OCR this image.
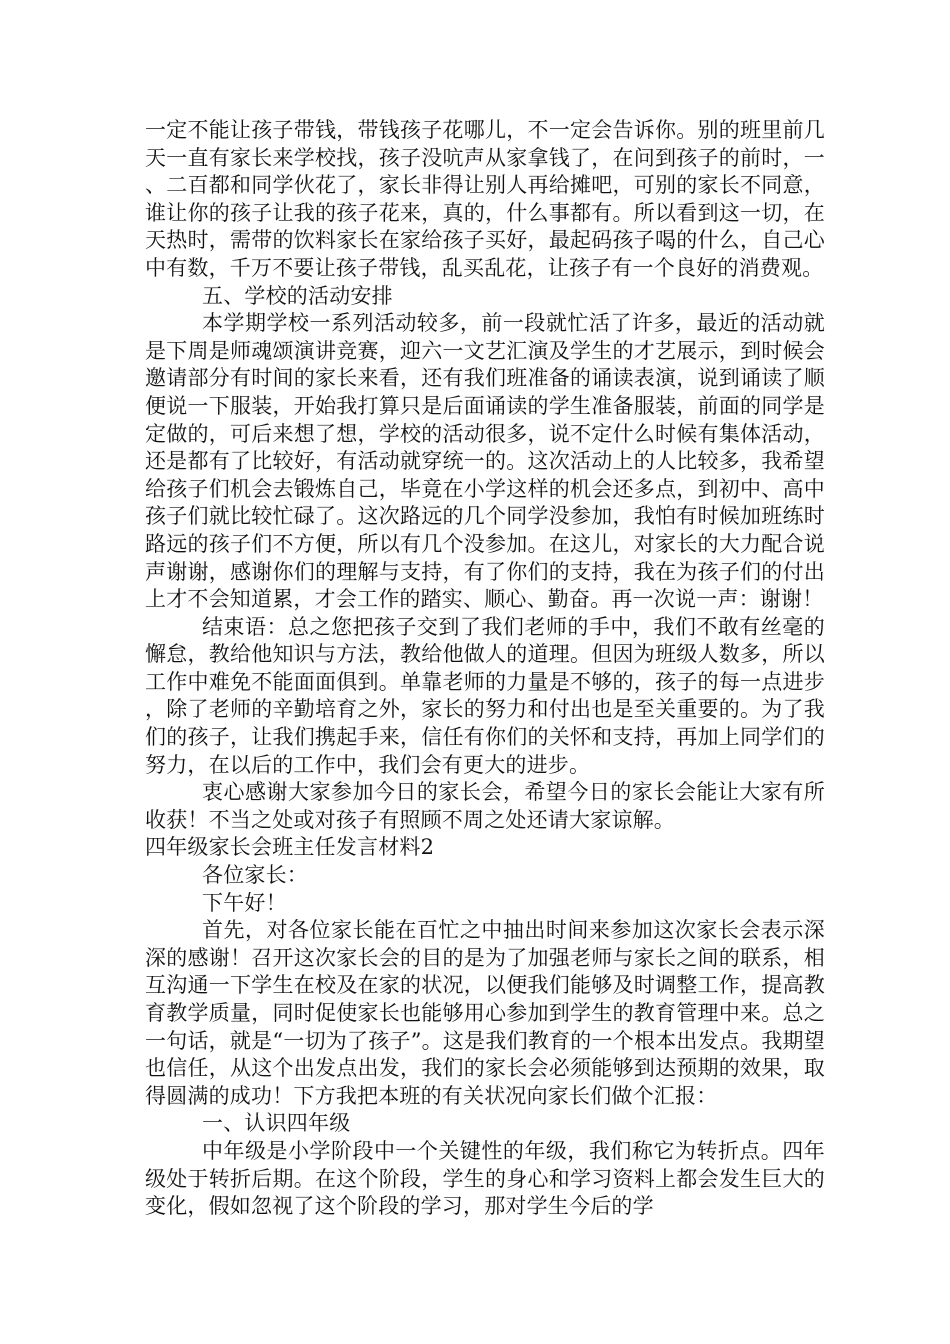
一定不能让孩子带钱，带钱孩子花哪儿，不一定会告诉你。别的班里前几天一直有家长来学校找，孩子没吭声从家拿钱了，在问到孩子的前时，一、二百都和同学伙花了，家长非得让别人再给摊吧，可别的家长不同意，谁让你的孩子让我的孩子花来，真的，什么事都有。所以看到这一切，在天热时，需带的饮料家长在家给孩子买好，最起码孩子喝的什么，自己心中有数，千万不要让孩子带钱，乱买乱花，让孩子有一个良好的消费观。

五、学校的活动安排

本学期学校一系列活动较多，前一段就忙活了许多，最近的活动就是下周是师魂颂演讲竞赛，迎六一文艺汇演及学生的才艺展示，到时候会邀请部分有时间的家长来看，还有我们班准备的诵读表演，说到诵读了顺便说一下服装，开始我打算只是后面诵读的学生准备服装，前面的同学是定做的，可后来想了想，学校的活动很多，说不定什么时候有集体活动，还是都有了比较好，有活动就穿统一的。这次活动上的人比较多，我希望给孩子们机会去锻炼自己，毕竟在小学这样的机会还多点，到初中、高中孩子们就比较忙碌了。这次路远的几个同学没参加，我怕有时候加班练时路远的孩子们不方便，所以有几个没参加。在这儿，对家长的大力配合说声谢谢，感谢你们的理解与支持，有了你们的支持，我在为孩子们的付出上才不会知道累，才会工作的踏实、顺心、勤奋。再一次说一声：谢谢！

结束语：总之您把孩子交到了我们老师的手中，我们不敢有丝毫的懈怠，教给他知识与方法，教给他做人的道理。但因为班级人数多，所以工作中难免不能面面俱到。单靠老师的力量是不够的，孩子的每一点进步，除了老师的辛勤培育之外，家长的努力和付出也是至关重要的。为了我们的孩子，让我们携起手来，信任有你们的关怀和支持，再加上同学们的努力，在以后的工作中，我们会有更大的进步。

衷心感谢大家参加今日的家长会，希望今日的家长会能让大家有所收获！不当之处或对孩子有照顾不周之处还请大家谅解。

四年级家长会班主任发言材料2

各位家长：

下午好！

首先，对各位家长能在百忙之中抽出时间来参加这次家长会表示深深的感谢！召开这次家长会的目的是为了加强老师与家长之间的联系，相互沟通一下学生在校及在家的状况，以便我们能够及时调整工作，提高教育教学质量，同时促使家长也能够用心参加到学生的教育管理中来。总之一句话，就是“一切为了孩子”。这是我们教育的一个根本出发点。我期望也信任，从这个出发点出发，我们的家长会必须能够到达预期的效果，取得圆满的成功！下方我把本班的有关状况向家长们做个汇报：

一、认识四年级

中年级是小学阶段中一个关键性的年级，我们称它为转折点。四年级处于转折后期。在这个阶段，学生的身心和学习资料上都会发生巨大的变化，假如忽视了这个阶段的学习，那对学生今后的学
